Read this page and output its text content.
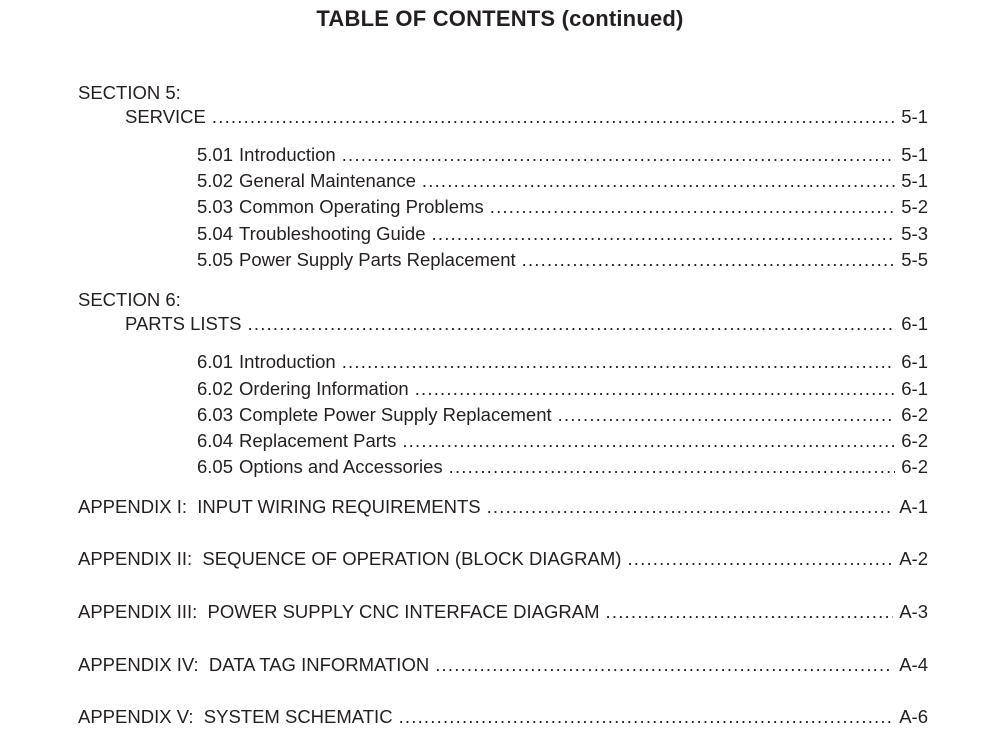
TABLE OF CONTENTS (continued)
SECTION 5:
SERVICE .....	5-1
5.01 Introduction .....	5-1
5.02 General Maintenance .....	5-1
5.03 Common Operating Problems .....	5-2
5.04 Troubleshooting Guide .....	5-3
5.05 Power Supply Parts Replacement .....	5-5
SECTION 6:
PARTS LISTS .....	6-1
6.01 Introduction .....	6-1
6.02 Ordering Information .....	6-1
6.03 Complete Power Supply Replacement .....	6-2
6.04 Replacement Parts .....	6-2
6.05 Options and Accessories .....	6-2
APPENDIX I:  INPUT WIRING REQUIREMENTS .....	A-1
APPENDIX II:  SEQUENCE OF OPERATION (BLOCK DIAGRAM) .....	A-2
APPENDIX III:  POWER SUPPLY CNC INTERFACE DIAGRAM .....	A-3
APPENDIX IV:  DATA TAG INFORMATION .....	A-4
APPENDIX V:  SYSTEM SCHEMATIC .....	A-6
